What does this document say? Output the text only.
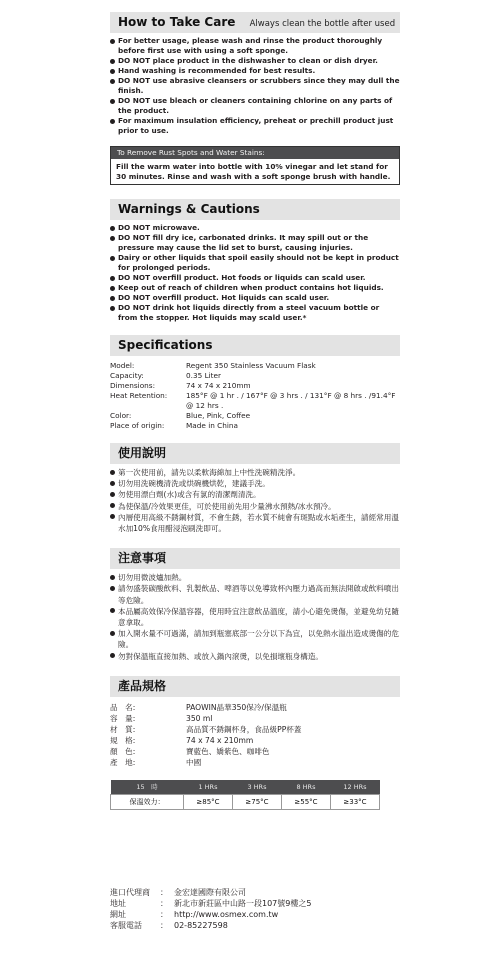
How to Take Care Always clean the bottle after used
For better usage, please wash and rinse the product thoroughly before first use with using a soft sponge.
DO NOT place product in the dishwasher to clean or dish dryer.
Hand washing is recommended for best results.
DO NOT use abrasive cleansers or scrubbers since they may dull the finish.
DO NOT use bleach or cleaners containing chlorine on any parts of the product.
For maximum insulation efficiency, preheat or prechill product just prior to use.
To Remove Rust Spots and Water Stains:
Fill the warm water into bottle with 10% vinegar and let stand for 30 minutes. Rinse and wash with a soft sponge brush with handle.
Warnings & Cautions
DO NOT microwave.
DO NOT fill dry ice, carbonated drinks. It may spill out or the pressure may cause the lid set to burst, causing injuries.
Dairy or other liquids that spoil easily should not be kept in product for prolonged periods.
DO NOT overfill product. Hot foods or liquids can scald user.
Keep out of reach of children when product contains hot liquids.
DO NOT overfill product. Hot liquids can scald user.
DO NOT drink hot liquids directly from a steel vacuum bottle or from the stopper. Hot liquids may scald user.*
Specifications
Model:	Regent 350 Stainless Vacuum Flask
Capacity:	0.35 Liter
Dimensions:	74 x 74 x 210mm
Heat Retention:	185°F @ 1 hr . / 167°F @ 3 hrs . / 131°F @ 8 hrs . /91.4°F @ 12 hrs .
Color:	Blue, Pink, Coffee
Place of origin:	Made in China
使用說明
第一次使用前，請先以柔軟海綿加上中性洗碗精洗淨。
切勿用洗碗機清洗或烘碗機烘乾，建議手洗。
勿使用漂白劑(水)或含有氯的清潔劑清洗。
為使保溫/冷效果更佳，可於使用前先用少量沸水預熱/冰水預冷。
內層使用高級不銹鋼材質，不會生銹，若水質不純會有斑點或水垢產生，請經常用溫水加10%食用醋浸泡刷洗即可。
注意事項
切勿用微波爐加熱。
請勿盛裝碳酸飲料、乳製飲品、啤酒等以免導致杯內壓力過高而無法開啟或飲料噴出等危險。
本品屬高效保冷保溫容器，使用時宜注意飲品溫度，請小心避免燙傷，並避免幼兒隨意拿取。
加入開水量不可過滿，請加到瓶塞底部一公分以下為宜，以免熱水溢出造成燙傷的危險。
勿對保溫瓶直接加熱、或放入鍋內滾燙，以免損壞瓶身構造。
產品規格
品　名:	PAOWIN晶華350保冷/保溫瓶
容　量:	350 ml
材　質:	高品質不銹鋼杯身，食品級PP杯蓋
規　格:	74 x 74 x 210mm
顏　色:	寶藍色、嬌紫色、咖啡色
產　地:	中國
15　時	1 HRs	3 HRs	8 HRs	12 HRs
保溫效力：	≥85°C	≥75°C	≥55°C	≥33°C
進口代理商	： 金宏達國際有限公司
地址	： 新北市新莊區中山路一段107號9樓之5
網址	： http://www.osmex.com.tw
客服電話	： 02-85227598
